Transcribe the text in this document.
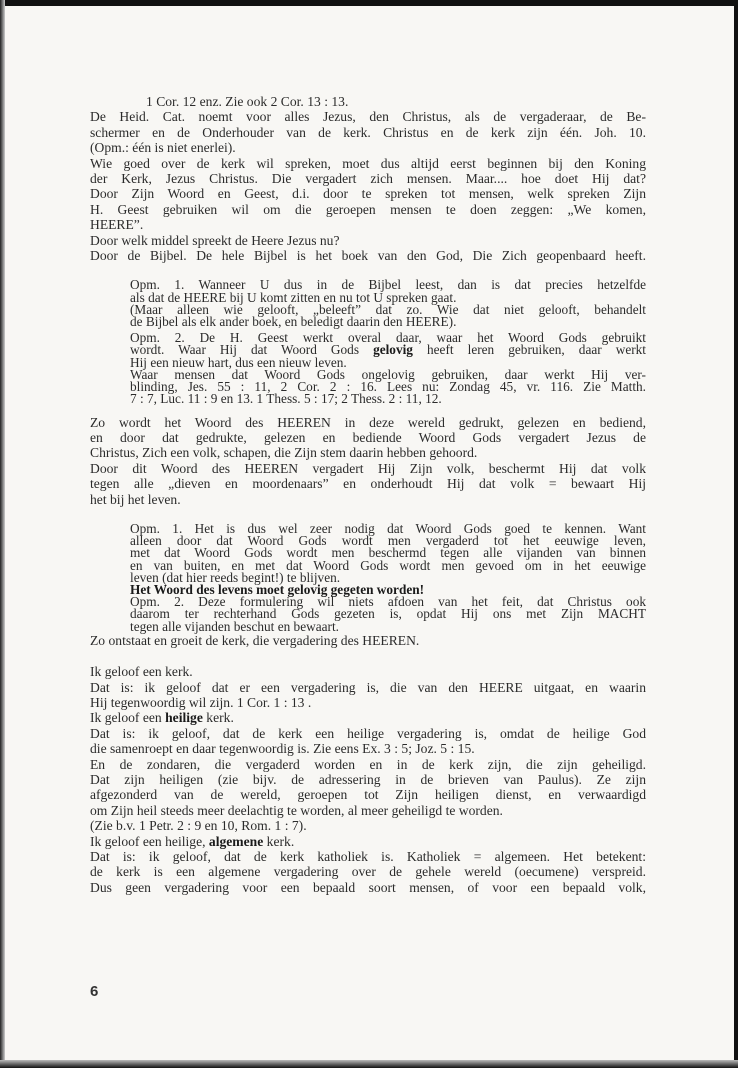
1 Cor. 12 enz. Zie ook 2 Cor. 13 : 13.
De Heid. Cat. noemt voor alles Jezus, den Christus, als de vergaderaar, de Be-
schermer en de Onderhouder van de kerk. Christus en de kerk zijn één. Joh. 10.
(Opm.: één is niet enerlei).
Wie goed over de kerk wil spreken, moet dus altijd eerst beginnen bij den Koning
der Kerk, Jezus Christus. Die vergadert zich mensen. Maar.... hoe doet Hij dat?
Door Zijn Woord en Geest, d.i. door te spreken tot mensen, welk spreken Zijn
H. Geest gebruiken wil om die geroepen mensen te doen zeggen: „We komen,
HEERE”.
Door welk middel spreekt de Heere Jezus nu?
Door de Bijbel. De hele Bijbel is het boek van den God, Die Zich geopenbaard heeft.
Opm. 1. Wanneer U dus in de Bijbel leest, dan is dat precies hetzelfde
als dat de HEERE bij U komt zitten en nu tot U spreken gaat.
(Maar alleen wie gelooft, „beleeft” dat zo. Wie dat niet gelooft, behandelt
de Bijbel als elk ander boek, en beledigt daarin den HEERE).
Opm. 2. De H. Geest werkt overal daar, waar het Woord Gods gebruikt
wordt. Waar Hij dat Woord Gods gelovig heeft leren gebruiken, daar werkt
Hij een nieuw hart, dus een nieuw leven.
Waar mensen dat Woord Gods ongelovig gebruiken, daar werkt Hij ver-
blinding, Jes. 55 : 11, 2 Cor. 2 : 16. Lees nu: Zondag 45, vr. 116. Zie Matth.
7 : 7, Luc. 11 : 9 en 13. 1 Thess. 5 : 17; 2 Thess. 2 : 11, 12.
Zo wordt het Woord des HEEREN in deze wereld gedrukt, gelezen en bediend,
en door dat gedrukte, gelezen en bediende Woord Gods vergadert Jezus de
Christus, Zich een volk, schapen, die Zijn stem daarin hebben gehoord.
Door dit Woord des HEEREN vergadert Hij Zijn volk, beschermt Hij dat volk
tegen alle „dieven en moordenaars” en onderhoudt Hij dat volk = bewaart Hij
het bij het leven.
Opm. 1. Het is dus wel zeer nodig dat Woord Gods goed te kennen. Want
alleen door dat Woord Gods wordt men vergaderd tot het eeuwige leven,
met dat Woord Gods wordt men beschermd tegen alle vijanden van binnen
en van buiten, en met dat Woord Gods wordt men gevoed om in het eeuwige
leven (dat hier reeds begint!) te blijven.
Het Woord des levens moet gelovig gegeten worden!
Opm. 2. Deze formulering wil niets afdoen van het feit, dat Christus ook
daarom ter rechterhand Gods gezeten is, opdat Hij ons met Zijn MACHT
tegen alle vijanden beschut en bewaart.
Zo ontstaat en groeit de kerk, die vergadering des HEEREN.
Ik geloof een kerk.
Dat is: ik geloof dat er een vergadering is, die van den HEERE uitgaat, en waarin
Hij tegenwoordig wil zijn. 1 Cor. 1 : 13 .
Ik geloof een heilige kerk.
Dat is: ik geloof, dat de kerk een heilige vergadering is, omdat de heilige God
die samenroept en daar tegenwoordig is. Zie eens Ex. 3 : 5; Joz. 5 : 15.
En de zondaren, die vergaderd worden en in de kerk zijn, die zijn geheiligd.
Dat zijn heiligen (zie bijv. de adressering in de brieven van Paulus). Ze zijn
afgezonderd van de wereld, geroepen tot Zijn heiligen dienst, en verwaardigd
om Zijn heil steeds meer deelachtig te worden, al meer geheiligd te worden.
(Zie b.v. 1 Petr. 2 : 9 en 10, Rom. 1 : 7).
Ik geloof een heilige, algemene kerk.
Dat is: ik geloof, dat de kerk katholiek is. Katholiek = algemeen. Het betekent:
de kerk is een algemene vergadering over de gehele wereld (oecumene) verspreid.
Dus geen vergadering voor een bepaald soort mensen, of voor een bepaald volk,
6
